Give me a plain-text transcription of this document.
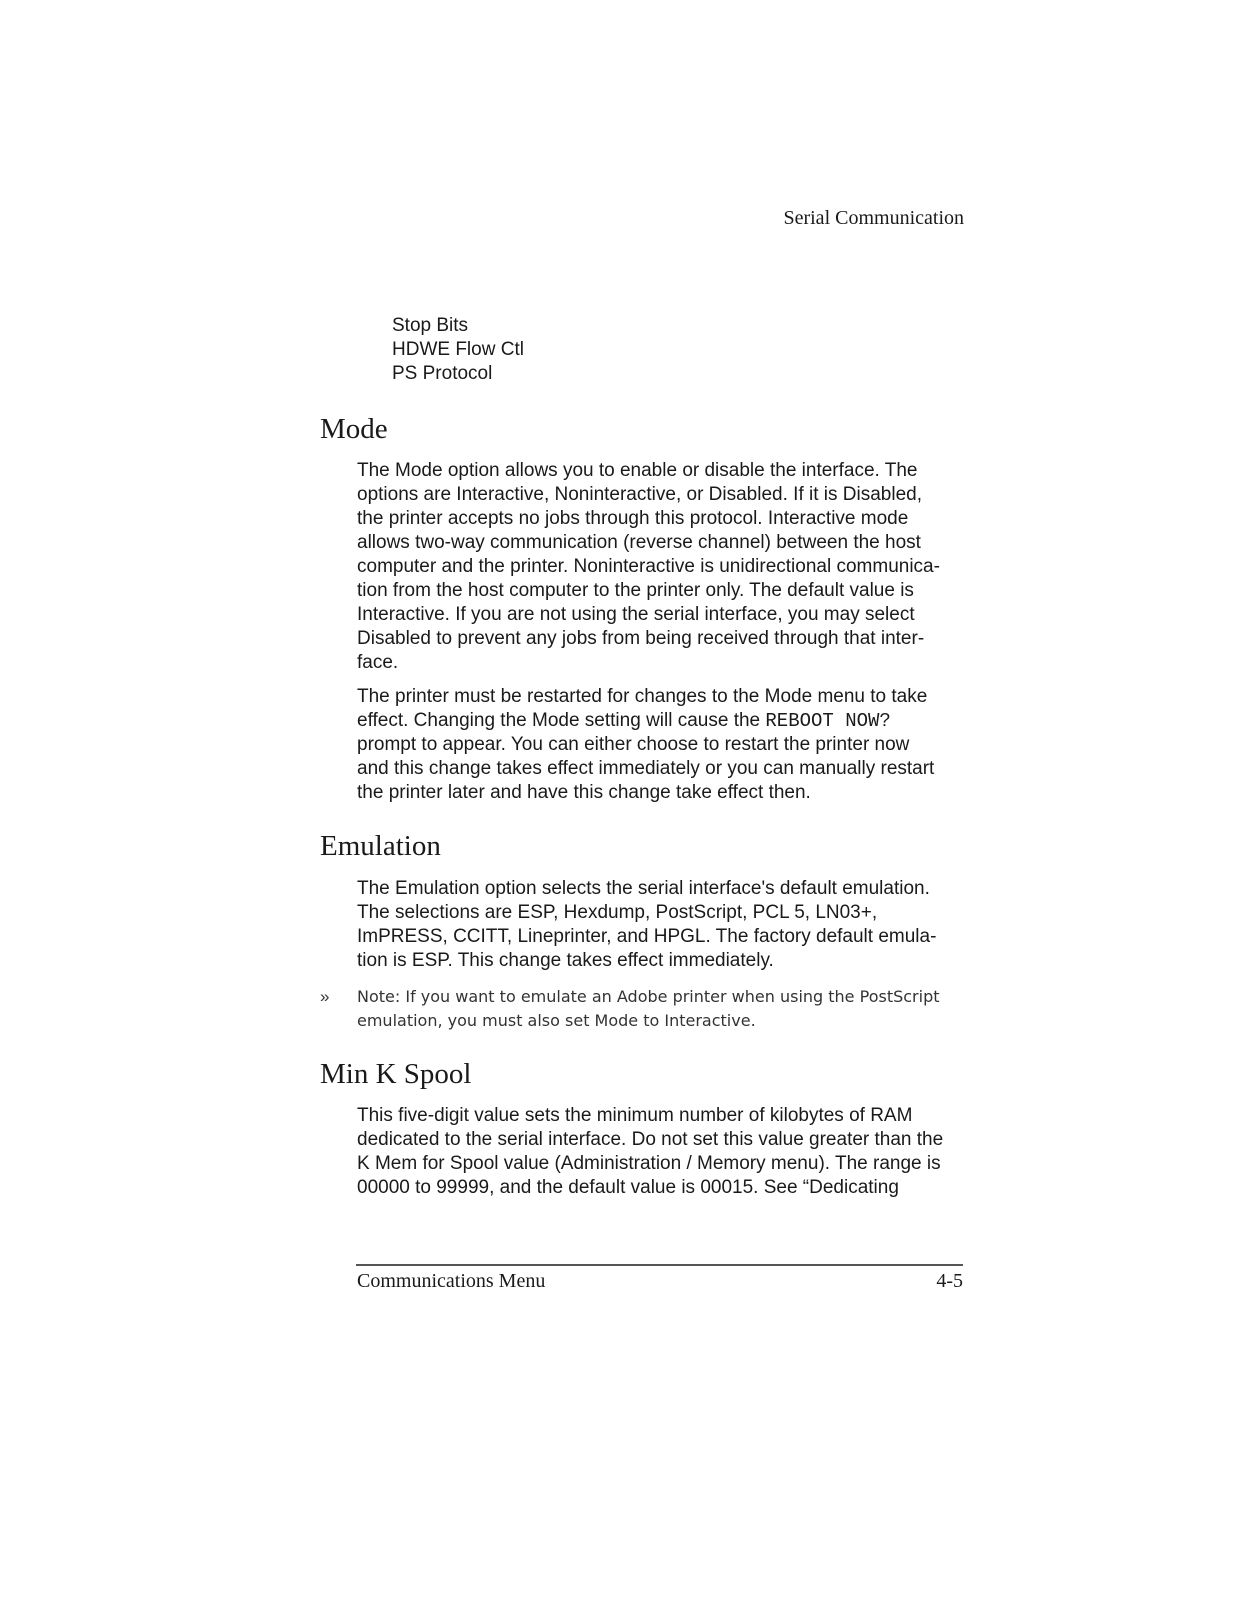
Serial Communication
Stop Bits
HDWE Flow Ctl
PS Protocol
Mode

The Mode option allows you to enable or disable the interface. The
options are Interactive, Noninteractive, or Disabled. If it is Disabled,
the printer accepts no jobs through this protocol. Interactive mode
allows two-way communication (reverse channel) between the host
computer and the printer. Noninteractive is unidirectional communica-
tion from the host computer to the printer only. The default value is
Interactive. If you are not using the serial interface, you may select
Disabled to prevent any jobs from being received through that inter-
face.

The printer must be restarted for changes to the Mode menu to take
effect. Changing the Mode setting will cause the REBOOT NOW?
prompt to appear. You can either choose to restart the printer now
and this change takes effect immediately or you can manually restart
the printer later and have this change take effect then.

Emulation

The Emulation option selects the serial interface's default emulation.
The selections are ESP, Hexdump, PostScript, PCL 5, LN03+,
ImPRESS, CCITT, Lineprinter, and HPGL. The factory default emula-
tion is ESP. This change takes effect immediately.

» Note: If you want to emulate an Adobe printer when using the PostScript
emulation, you must also set Mode to Interactive.
Min K Spool

This five-digit value sets the minimum number of kilobytes of RAM
dedicated to the serial interface. Do not set this value greater than the
K Mem for Spool value (Administration / Memory menu). The range is
00000 to 99999, and the default value is 00015. See “Dedicating

Communications Menu	4-5
